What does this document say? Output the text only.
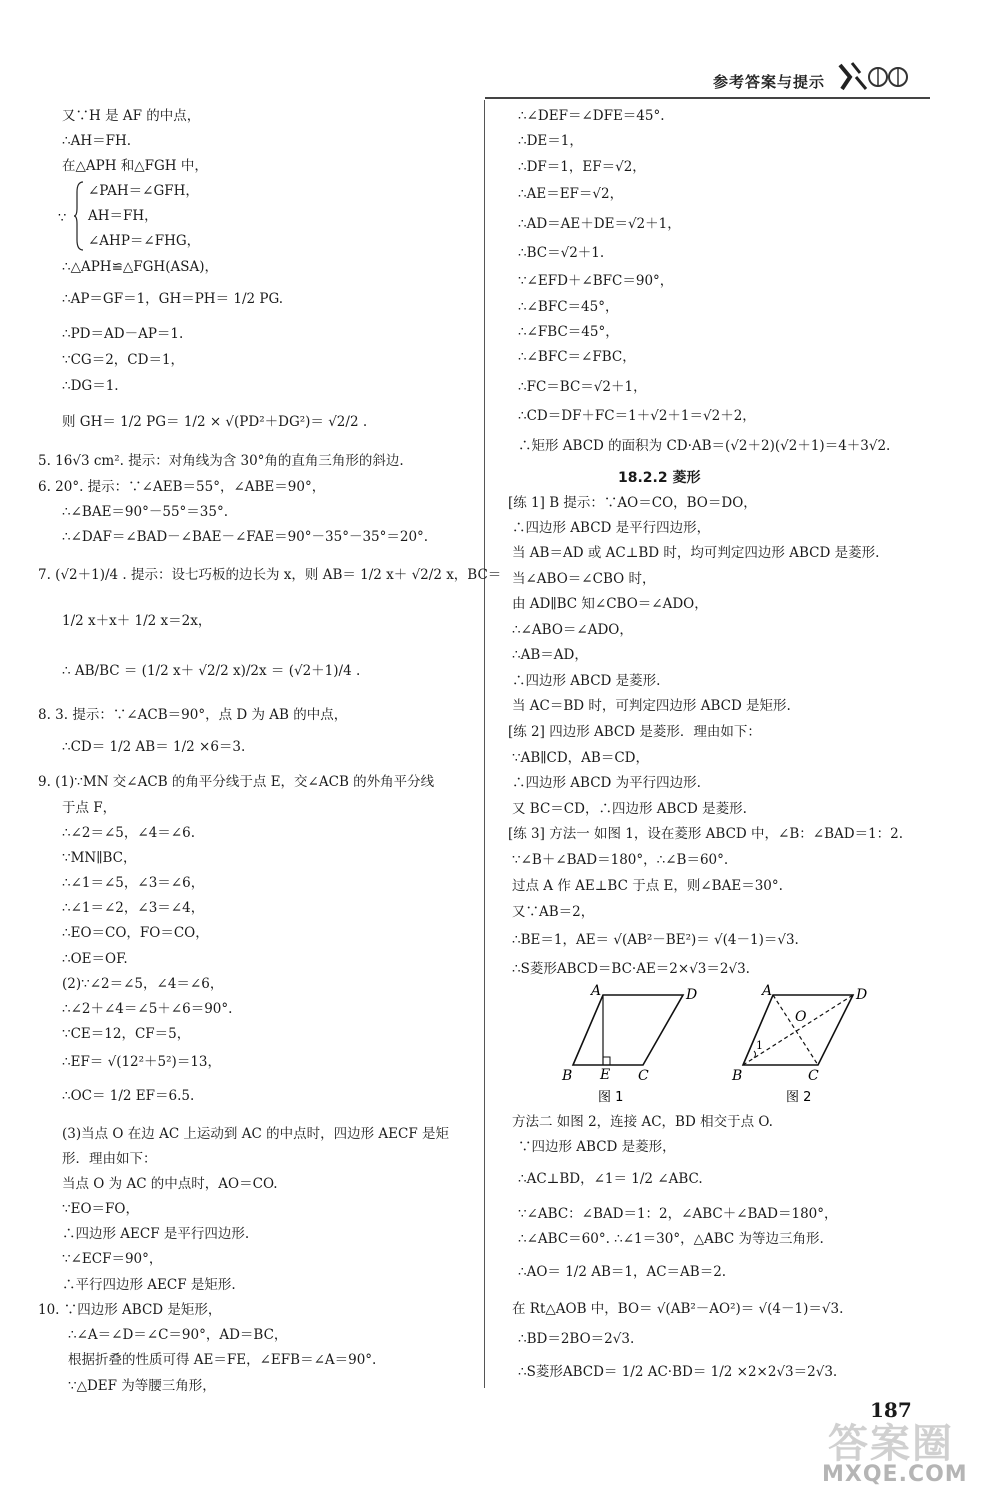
参考答案与提示
又∵H 是 AF 的中点，
∴AH＝FH.
在△APH 和△FGH 中，
∵
∠PAH＝∠GFH，
AH＝FH，
∠AHP＝∠FHG，
∴△APH≌△FGH(ASA)，
∴AP＝GF＝1，GH＝PH＝ 1/2 PG.
∴PD＝AD－AP＝1.
∵CG＝2，CD＝1，
∴DG＝1.
则 GH＝ 1/2 PG＝ 1/2 × √(PD²＋DG²)＝ √2/2 .
5. 16√3 cm². 提示：对角线为含 30°角的直角三角形的斜边.
6. 20°. 提示：∵∠AEB＝55°，∠ABE＝90°，
∴∠BAE＝90°－55°＝35°.
∴∠DAF＝∠BAD－∠BAE－∠FAE＝90°－35°－35°＝20°.
7. (√2＋1)/4 . 提示：设七巧板的边长为 x，则 AB＝ 1/2 x＋ √2/2 x，BC＝
1/2 x＋x＋ 1/2 x＝2x，
∴ AB/BC ＝ (1/2 x＋ √2/2 x)/2x ＝ (√2＋1)/4 .
8. 3. 提示：∵∠ACB＝90°，点 D 为 AB 的中点，
∴CD＝ 1/2 AB＝ 1/2 ×6＝3.
9. (1)∵MN 交∠ACB 的角平分线于点 E，交∠ACB 的外角平分线
于点 F，
∴∠2＝∠5，∠4＝∠6.
∵MN∥BC，
∴∠1＝∠5，∠3＝∠6，
∴∠1＝∠2，∠3＝∠4，
∴EO＝CO，FO＝CO，
∴OE＝OF.
(2)∵∠2＝∠5，∠4＝∠6，
∴∠2＋∠4＝∠5＋∠6＝90°.
∵CE＝12，CF＝5，
∴EF＝ √(12²＋5²)＝13，
∴OC＝ 1/2 EF＝6.5.
(3)当点 O 在边 AC 上运动到 AC 的中点时，四边形 AECF 是矩
形．理由如下：
当点 O 为 AC 的中点时，AO＝CO.
∵EO＝FO，
∴四边形 AECF 是平行四边形.
∵∠ECF＝90°，
∴平行四边形 AECF 是矩形.
10. ∵四边形 ABCD 是矩形，
∴∠A＝∠D＝∠C＝90°，AD＝BC，
根据折叠的性质可得 AE＝FE，∠EFB＝∠A＝90°.
∵△DEF 为等腰三角形，
∴∠DEF＝∠DFE＝45°.
∴DE＝1，
∴DF＝1，EF＝√2，
∴AE＝EF＝√2，
∴AD＝AE＋DE＝√2＋1，
∴BC＝√2＋1.
∵∠EFD＋∠BFC＝90°，
∴∠BFC＝45°，
∴∠FBC＝45°，
∴∠BFC＝∠FBC，
∴FC＝BC＝√2＋1，
∴CD＝DF＋FC＝1＋√2＋1＝√2＋2，
∴矩形 ABCD 的面积为 CD·AB＝(√2＋2)(√2＋1)＝4＋3√2.
18.2.2 菱形
[练 1] B 提示：∵AO＝CO，BO＝DO，
∴四边形 ABCD 是平行四边形，
当 AB＝AD 或 AC⊥BD 时，均可判定四边形 ABCD 是菱形.
当∠ABO＝∠CBO 时，
由 AD∥BC 知∠CBO＝∠ADO，
∴∠ABO＝∠ADO，
∴AB＝AD，
∴四边形 ABCD 是菱形.
当 AC＝BD 时，可判定四边形 ABCD 是矩形.
[练 2] 四边形 ABCD 是菱形．理由如下：
∵AB∥CD，AB＝CD，
∴四边形 ABCD 为平行四边形.
又 BC＝CD，∴四边形 ABCD 是菱形.
[练 3] 方法一 如图 1，设在菱形 ABCD 中，∠B：∠BAD＝1：2.
∵∠B＋∠BAD＝180°，∴∠B＝60°.
过点 A 作 AE⊥BC 于点 E，则∠BAE＝30°.
又∵AB＝2，
∴BE＝1，AE＝ √(AB²－BE²)＝ √(4－1)＝√3.
∴S菱形ABCD＝BC·AE＝2×√3＝2√3.
A	D
B E C
图 1
A	D
O
1
B	C
图 2
方法二 如图 2，连接 AC，BD 相交于点 O.
∵四边形 ABCD 是菱形，
∴AC⊥BD，∠1＝ 1/2 ∠ABC.
∵∠ABC：∠BAD＝1：2，∠ABC＋∠BAD＝180°，
∴∠ABC＝60°. ∴∠1＝30°，△ABC 为等边三角形.
∴AO＝ 1/2 AB＝1，AC＝AB＝2.
在 Rt△AOB 中，BO＝ √(AB²－AO²)＝ √(4－1)＝√3.
∴BD＝2BO＝2√3.
∴S菱形ABCD＝ 1/2 AC·BD＝ 1/2 ×2×2√3＝2√3.
187
答案圈
MXQE.COM
